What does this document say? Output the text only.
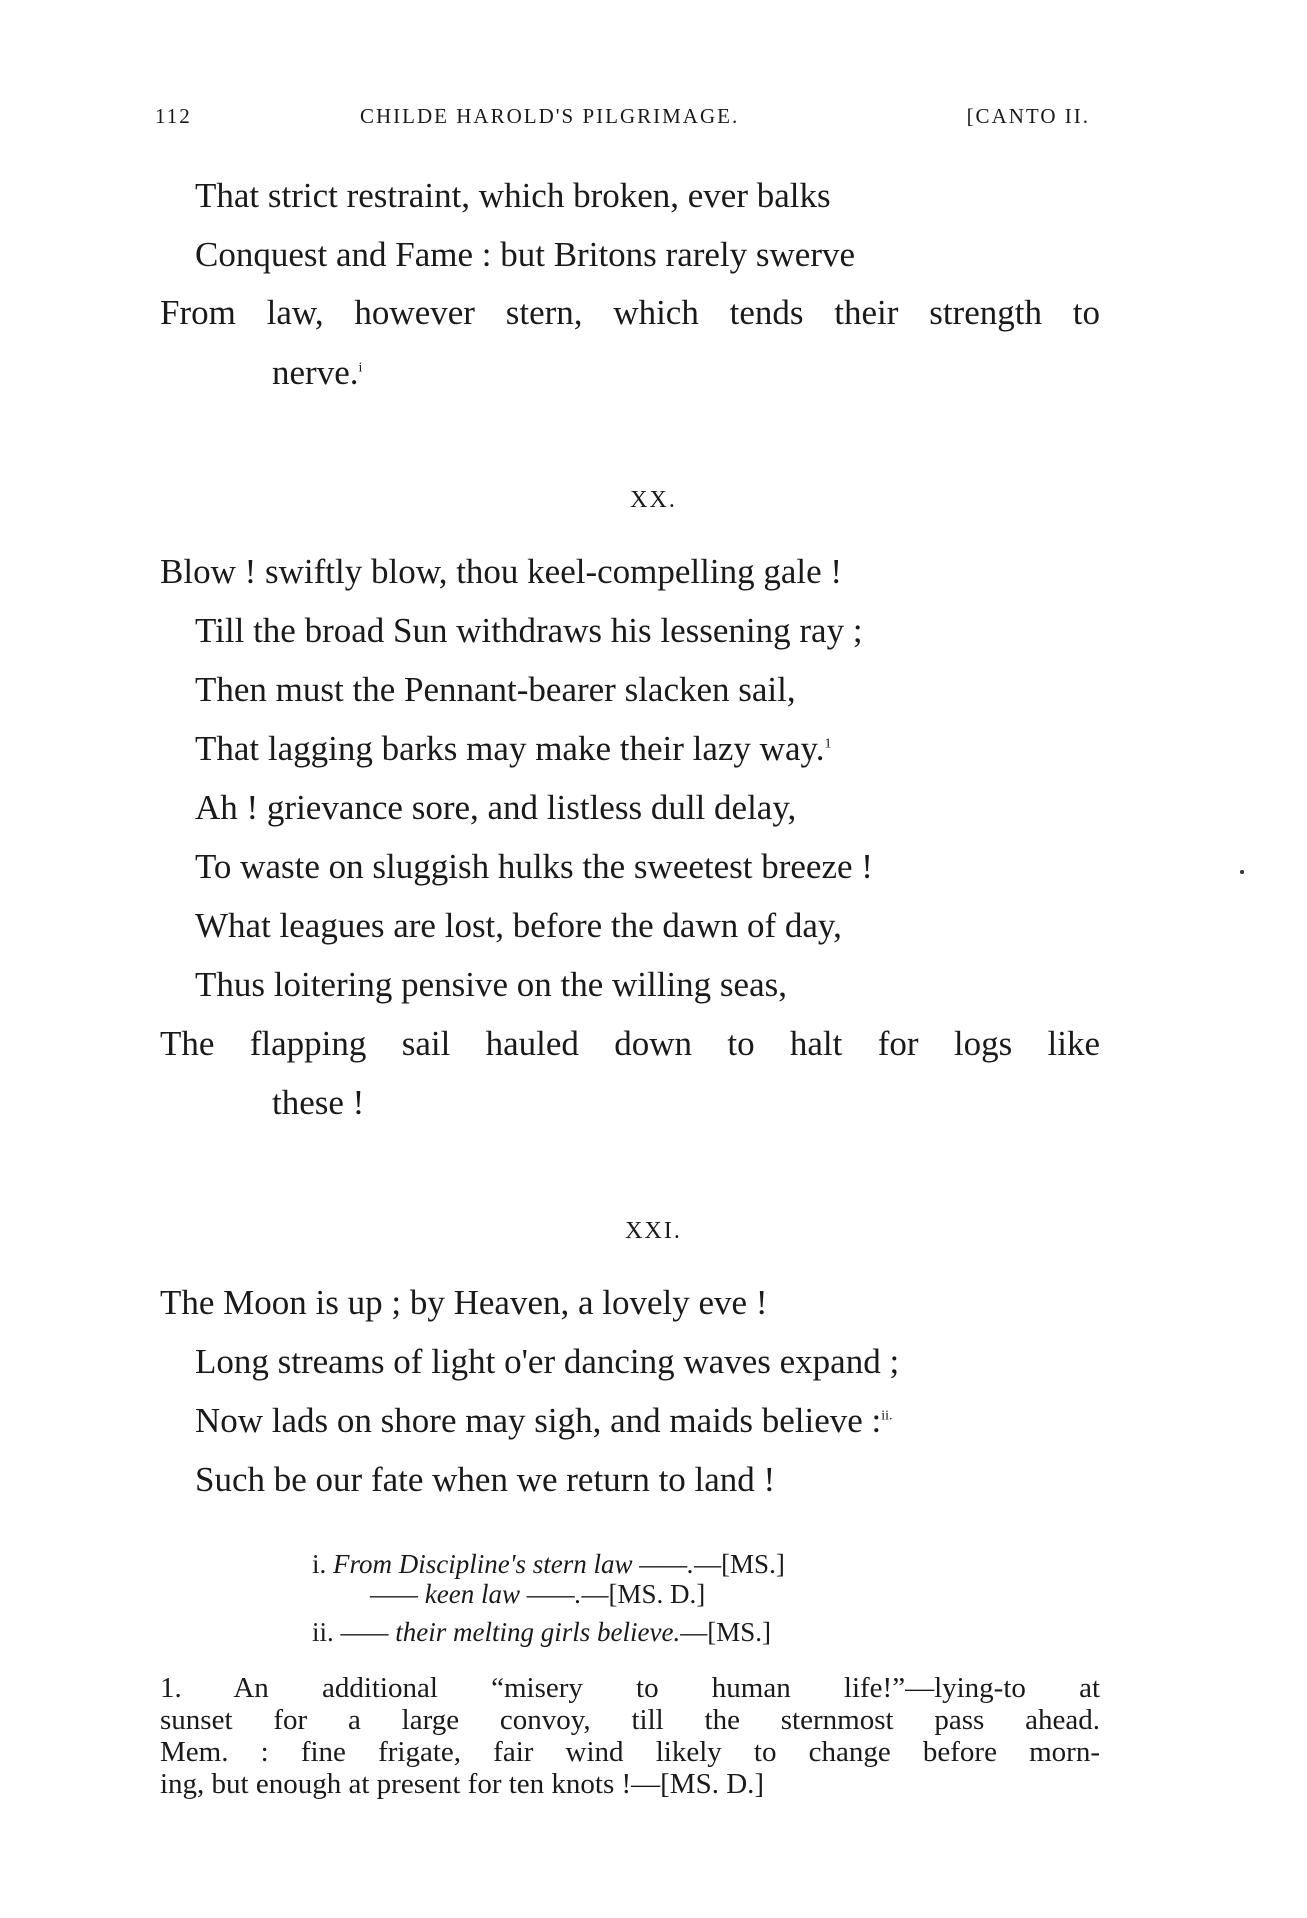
112	CHILDE HAROLD'S PILGRIMAGE.	[CANTO II.
That strict restraint, which broken, ever balks
Conquest and Fame : but Britons rarely swerve
From law, however stern, which tends their strength to
nerve.$^i$
XX.
Blow ! swiftly blow, thou keel-compelling gale !
Till the broad Sun withdraws his lessening ray ;
Then must the Pennant-bearer slacken sail,
That lagging barks may make their lazy way.$^1$
Ah ! grievance sore, and listless dull delay,
To waste on sluggish hulks the sweetest breeze !
What leagues are lost, before the dawn of day,
Thus loitering pensive on the willing seas,
The flapping sail hauled down to halt for logs like
these !
XXI.
The Moon is up ; by Heaven, a lovely eve !
Long streams of light o'er dancing waves expand ;
Now lads on shore may sigh, and maids believe :$^{ii.}$
Such be our fate when we return to land !
i. From Discipline's stern law ——.—[MS.]
—— keen law ——.—[MS. D.]
ii. —— their melting girls believe.—[MS.]
1. An additional “misery to human life!”—lying-to at
sunset for a large convoy, till the sternmost pass ahead.
Mem. : fine frigate, fair wind likely to change before morn-
ing, but enough at present for ten knots !—[MS. D.]
